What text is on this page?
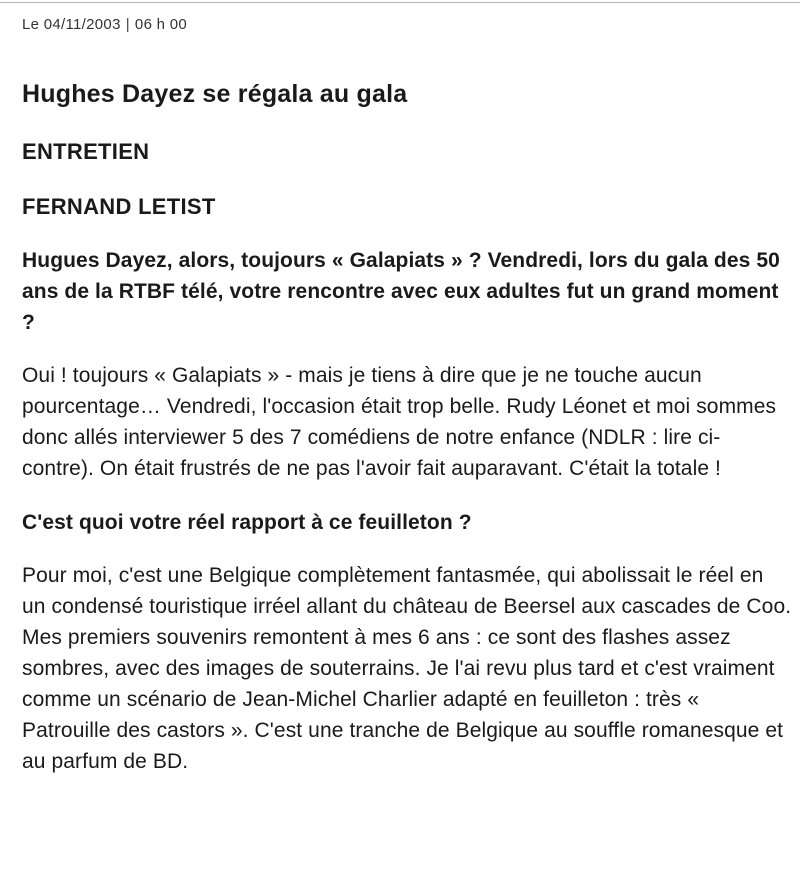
Le 04/11/2003 | 06 h 00
Hughes Dayez se régala au gala
ENTRETIEN
FERNAND LETIST

Hugues Dayez, alors, toujours « Galapiats » ? Vendredi, lors du gala des 50 ans de la RTBF télé, votre rencontre avec eux adultes fut un grand moment ?

Oui ! toujours « Galapiats » - mais je tiens à dire que je ne touche aucun pourcentage… Vendredi, l'occasion était trop belle. Rudy Léonet et moi sommes donc allés interviewer 5 des 7 comédiens de notre enfance (NDLR : lire ci-contre). On était frustrés de ne pas l'avoir fait auparavant. C'était la totale !

C'est quoi votre réel rapport à ce feuilleton ?

Pour moi, c'est une Belgique complètement fantasmée, qui abolissait le réel en un condensé touristique irréel allant du château de Beersel aux cascades de Coo. Mes premiers souvenirs remontent à mes 6 ans : ce sont des flashes assez sombres, avec des images de souterrains. Je l'ai revu plus tard et c'est vraiment comme un scénario de Jean-Michel Charlier adapté en feuilleton : très « Patrouille des castors ». C'est une tranche de Belgique au souffle romanesque et au parfum de BD.
